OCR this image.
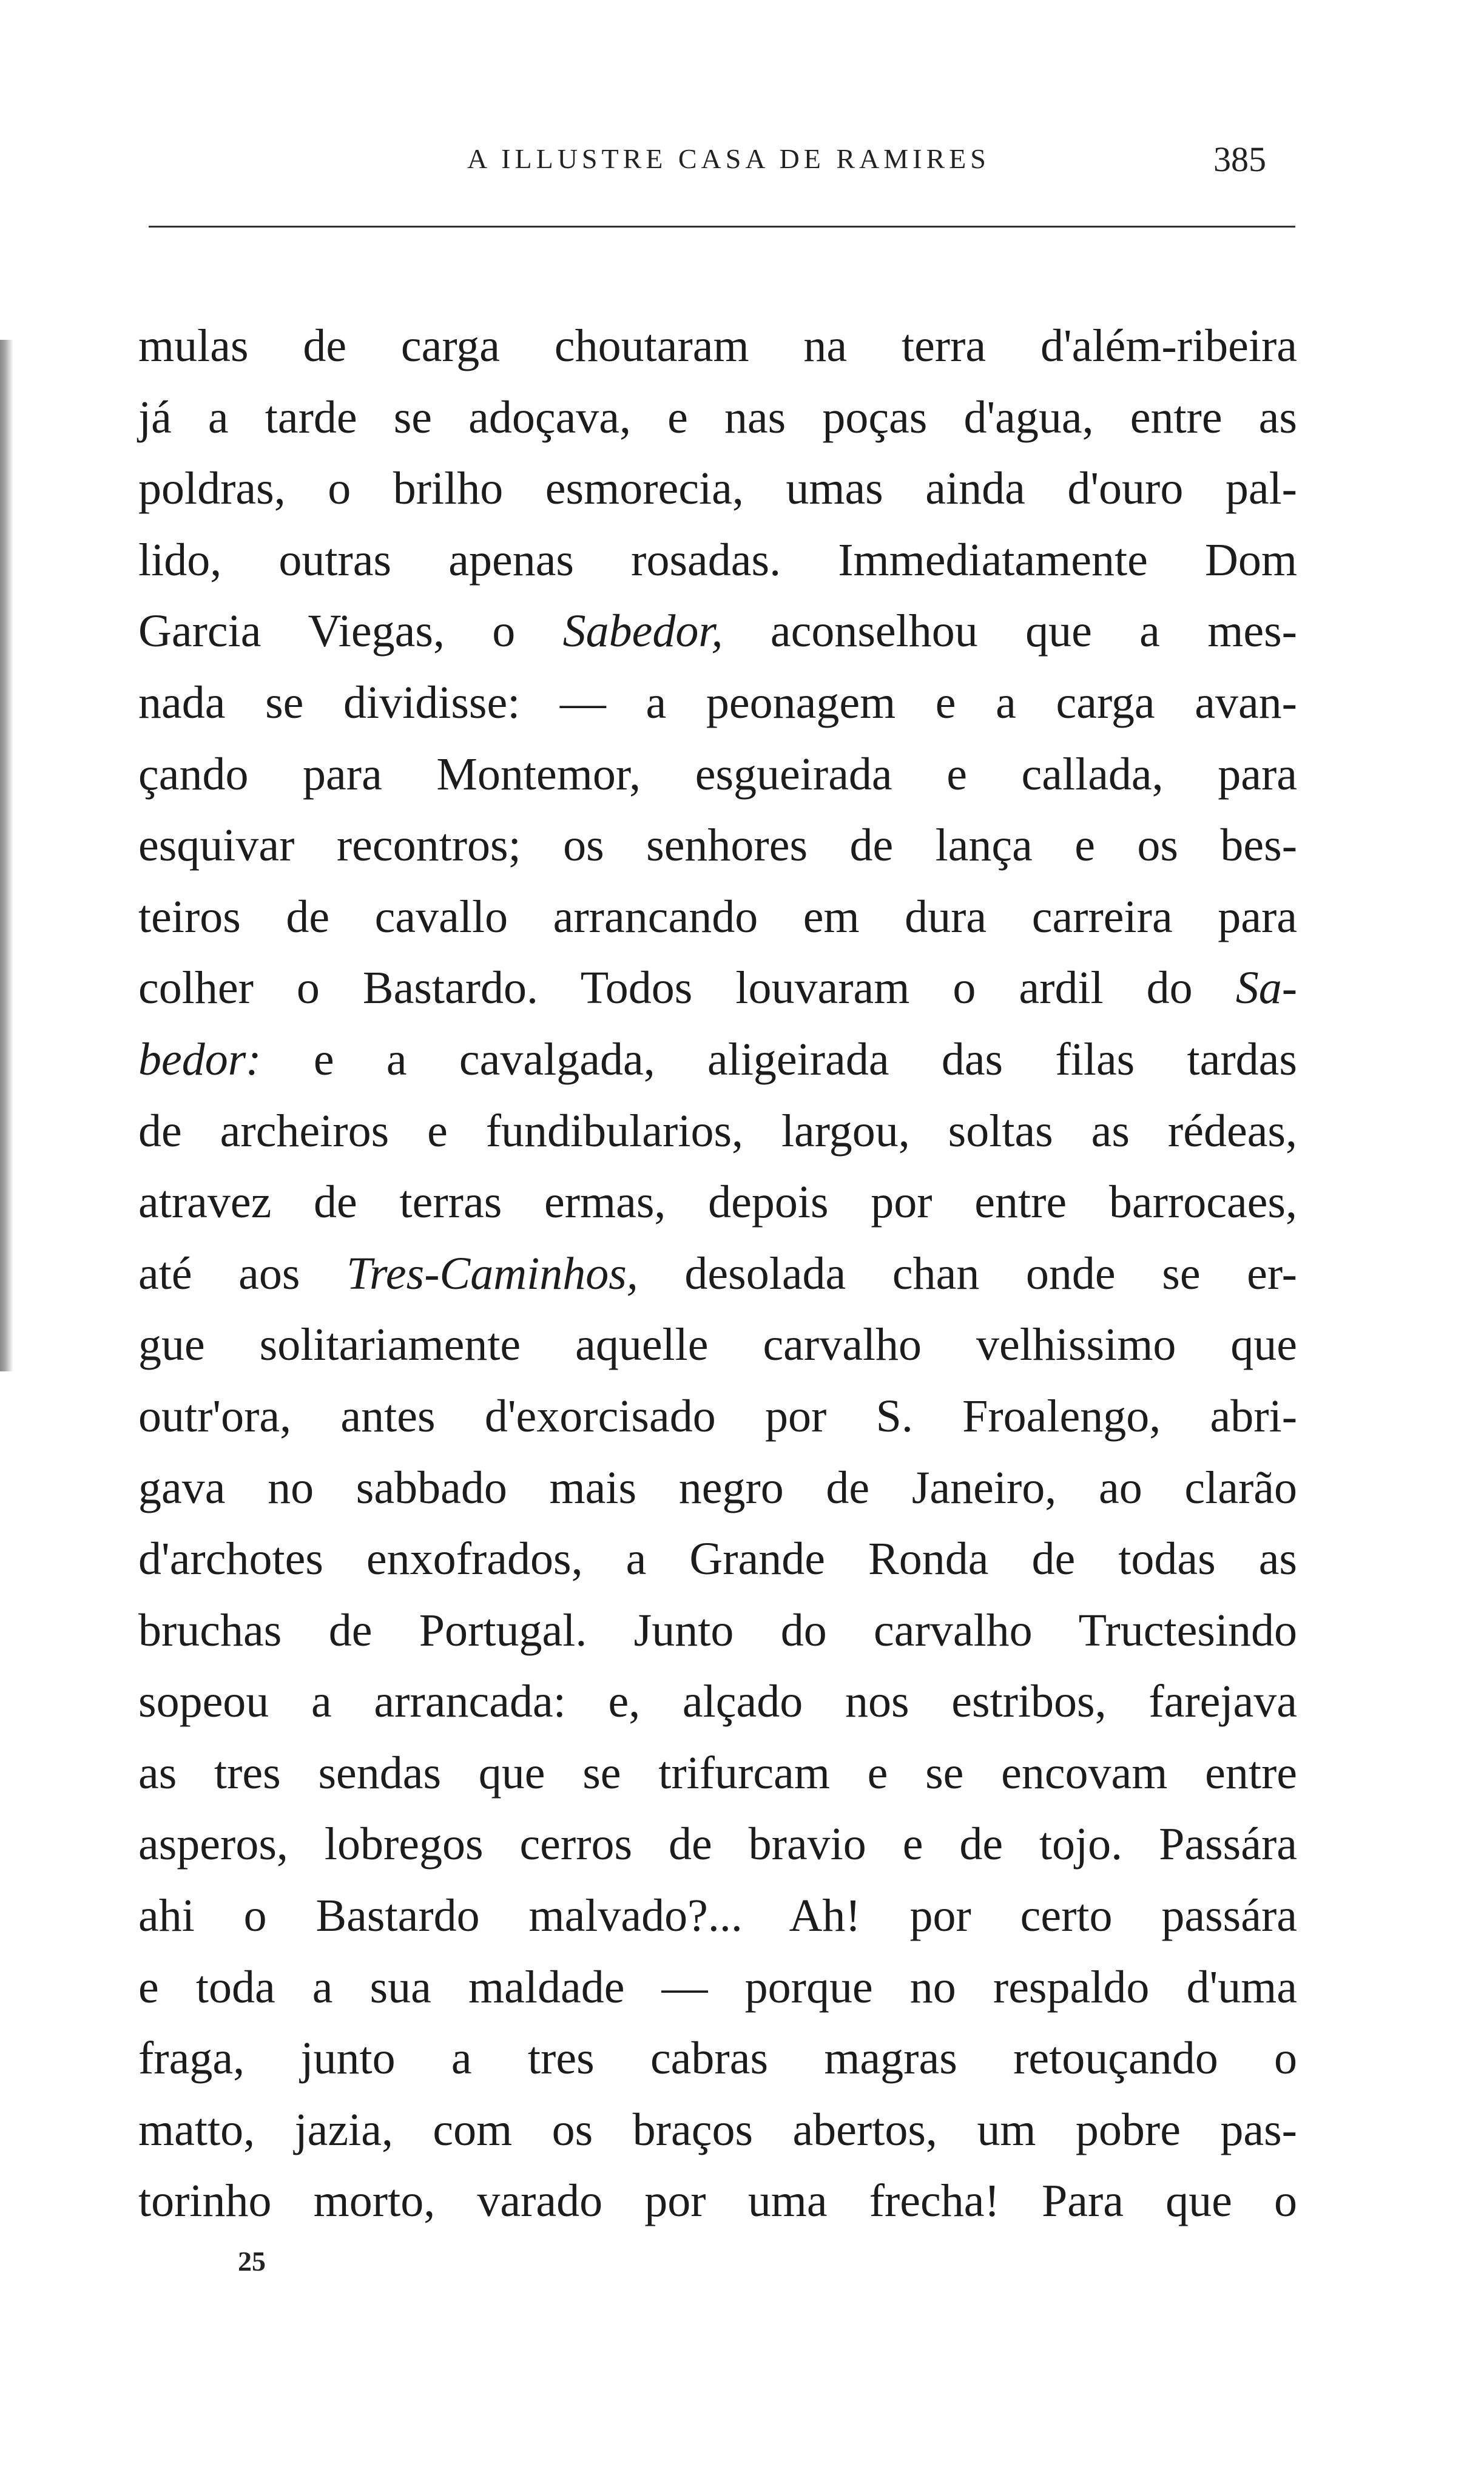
A ILLUSTRE CASA DE RAMIRES	385
mulas de carga choutaram na terra d'além-ribeira
já a tarde se adoçava, e nas poças d'agua, entre as
poldras, o brilho esmorecia, umas ainda d'ouro pal-
lido, outras apenas rosadas. Immediatamente Dom
Garcia Viegas, o Sabedor, aconselhou que a mes-
nada se dividisse: — a peonagem e a carga avan-
çando para Montemor, esgueirada e callada, para
esquivar recontros; os senhores de lança e os bes-
teiros de cavallo arrancando em dura carreira para
colher o Bastardo. Todos louvaram o ardil do Sa-
bedor: e a cavalgada, aligeirada das filas tardas
de archeiros e fundibularios, largou, soltas as rédeas,
atravez de terras ermas, depois por entre barrocaes,
até aos Tres-Caminhos, desolada chan onde se er-
gue solitariamente aquelle carvalho velhissimo que
outr'ora, antes d'exorcisado por S. Froalengo, abri-
gava no sabbado mais negro de Janeiro, ao clarão
d'archotes enxofrados, a Grande Ronda de todas as
bruchas de Portugal. Junto do carvalho Tructesindo
sopeou a arrancada: e, alçado nos estribos, farejava
as tres sendas que se trifurcam e se encovam entre
asperos, lobregos cerros de bravio e de tojo. Passára
ahi o Bastardo malvado?... Ah! por certo passára
e toda a sua maldade — porque no respaldo d'uma
fraga, junto a tres cabras magras retouçando o
matto, jazia, com os braços abertos, um pobre pas-
torinho morto, varado por uma frecha! Para que o
25
